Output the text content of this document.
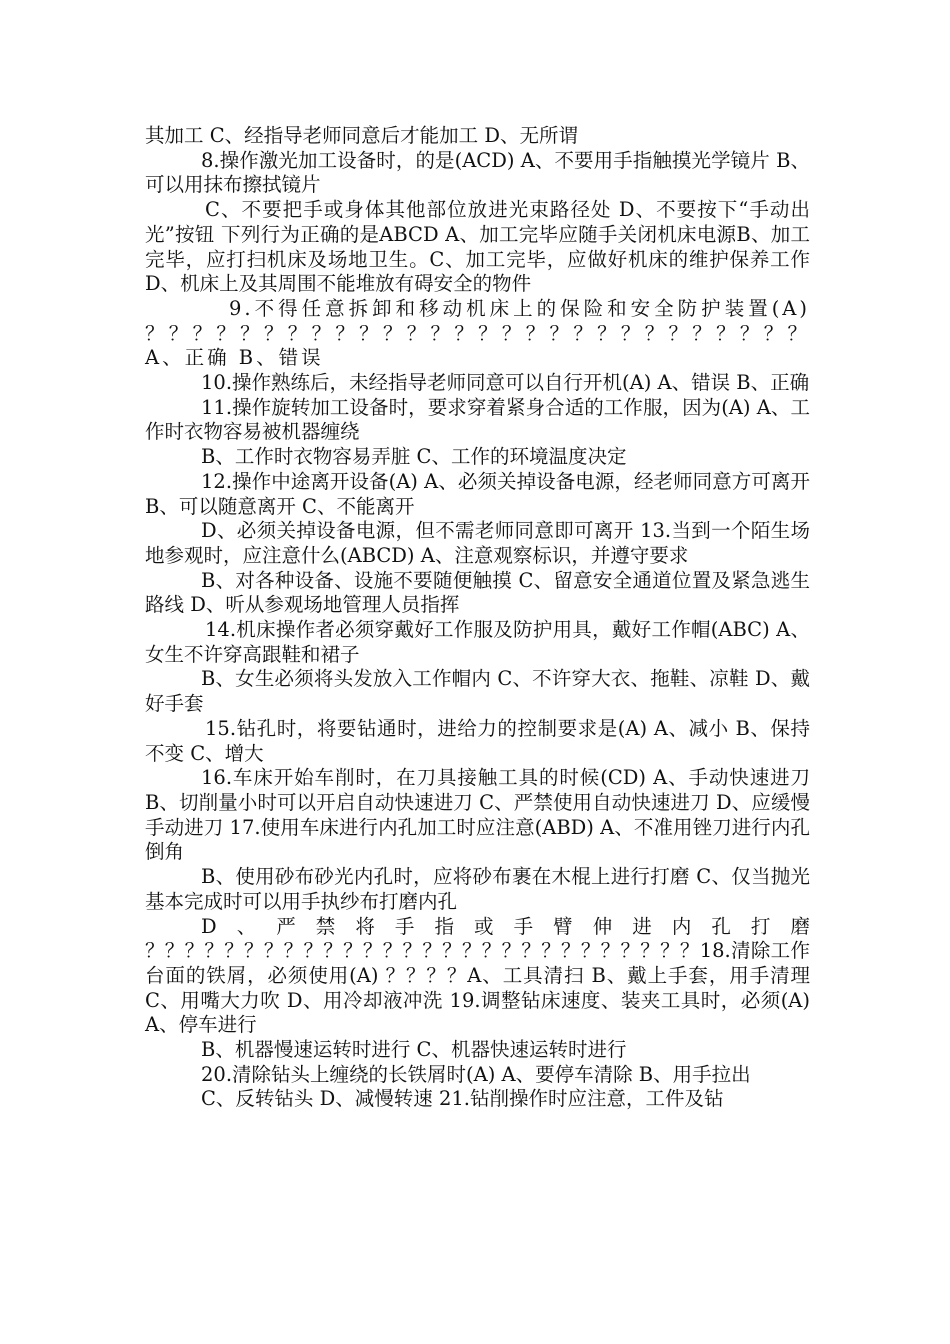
其加工 C、经指导老师同意后才能加工 D、无所谓

8.操作激光加工设备时，的是(ACD) A、不要用手指触摸光学镜片 B、可以用抹布擦拭镜片

C、不要把手或身体其他部位放进光束路径处 D、不要按下“手动出光”按钮 下列行为正确的是ABCD A、加工完毕应随手关闭机床电源B、加工完毕，应打扫机床及场地卫生。C、加工完毕，应做好机床的维护保养工作D、机床上及其周围不能堆放有碍安全的物件

9.不得任意拆卸和移动机床上的保险和安全防护装置(A) ？？？？？？？？？？？？？？？？？？？？？？？？？？？？A、正确 B、错误

10.操作熟练后，未经指导老师同意可以自行开机(A) A、错误 B、正确

11.操作旋转加工设备时，要求穿着紧身合适的工作服，因为(A) A、工作时衣物容易被机器缠绕

B、工作时衣物容易弄脏 C、工作的环境温度决定

12.操作中途离开设备(A) A、必须关掉设备电源，经老师同意方可离开 B、可以随意离开 C、不能离开

D、必须关掉设备电源，但不需老师同意即可离开 13.当到一个陌生场地参观时，应注意什么(ABCD) A、注意观察标识，并遵守要求

B、对各种设备、设施不要随便触摸 C、留意安全通道位置及紧急逃生路线 D、听从参观场地管理人员指挥

14.机床操作者必须穿戴好工作服及防护用具，戴好工作帽(ABC) A、女生不许穿高跟鞋和裙子

B、女生必须将头发放入工作帽内 C、不许穿大衣、拖鞋、凉鞋 D、戴好手套

15.钻孔时，将要钻通时，进给力的控制要求是(A) A、减小 B、保持不变 C、增大

16.车床开始车削时，在刀具接触工具的时候(CD) A、手动快速进刀 B、切削量小时可以开启自动快速进刀 C、严禁使用自动快速进刀 D、应缓慢手动进刀 17.使用车床进行内孔加工时应注意(ABD) A、不准用锉刀进行内孔倒角

B、使用砂布砂光内孔时，应将砂布裹在木棍上进行打磨 C、仅当抛光基本完成时可以用手执纱布打磨内孔

D、严禁将手指或手臂伸进内孔打磨 ？？？？？？？？？？？？？？？？？？？？？？？？？？？？18.清除工作台面的铁屑，必须使用(A) ？？？？A、工具清扫 B、戴上手套，用手清理 C、用嘴大力吹 D、用冷却液冲洗 19.调整钻床速度、装夹工具时，必须(A) A、停车进行

B、机器慢速运转时进行 C、机器快速运转时进行

20.清除钻头上缠绕的长铁屑时(A) A、要停车清除 B、用手拉出

C、反转钻头 D、减慢转速 21.钻削操作时应注意，工件及钻
